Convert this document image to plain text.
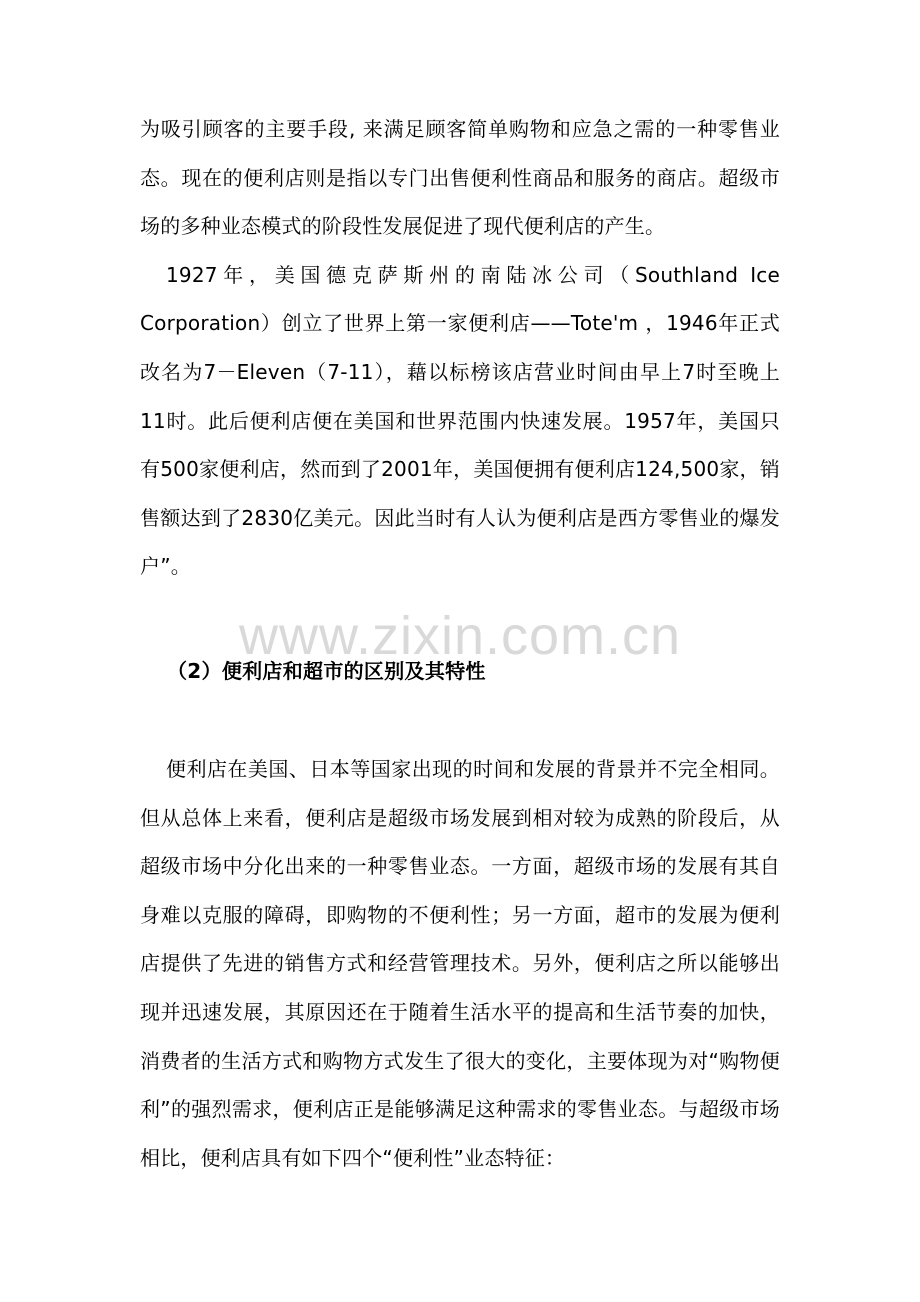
www.zixin.com.cn

为吸引顾客的主要手段, 来满足顾客简单购物和应急之需的一种零售业态。现在的便利店则是指以专门出售便利性商品和服务的商店。超级市场的多种业态模式的阶段性发展促进了现代便利店的产生。

1927年，美国德克萨斯州的南陆冰公司（Southland Ice Corporation）创立了世界上第一家便利店——Tote'm ，1946年正式改名为7－Eleven（7-11），藉以标榜该店营业时间由早上7时至晚上11时。此后便利店便在美国和世界范围内快速发展。1957年，美国只有500家便利店，然而到了2001年，美国便拥有便利店124,500家，销售额达到了2830亿美元。因此当时有人认为便利店是西方零售业的爆发户”。

（2）便利店和超市的区别及其特性

便利店在美国、日本等国家出现的时间和发展的背景并不完全相同。但从总体上来看，便利店是超级市场发展到相对较为成熟的阶段后，从超级市场中分化出来的一种零售业态。一方面，超级市场的发展有其自身难以克服的障碍，即购物的不便利性；另一方面，超市的发展为便利店提供了先进的销售方式和经营管理技术。另外，便利店之所以能够出现并迅速发展，其原因还在于随着生活水平的提高和生活节奏的加快，消费者的生活方式和购物方式发生了很大的变化，主要体现为对“购物便利”的强烈需求，便利店正是能够满足这种需求的零售业态。与超级市场相比，便利店具有如下四个“便利性”业态特征：
